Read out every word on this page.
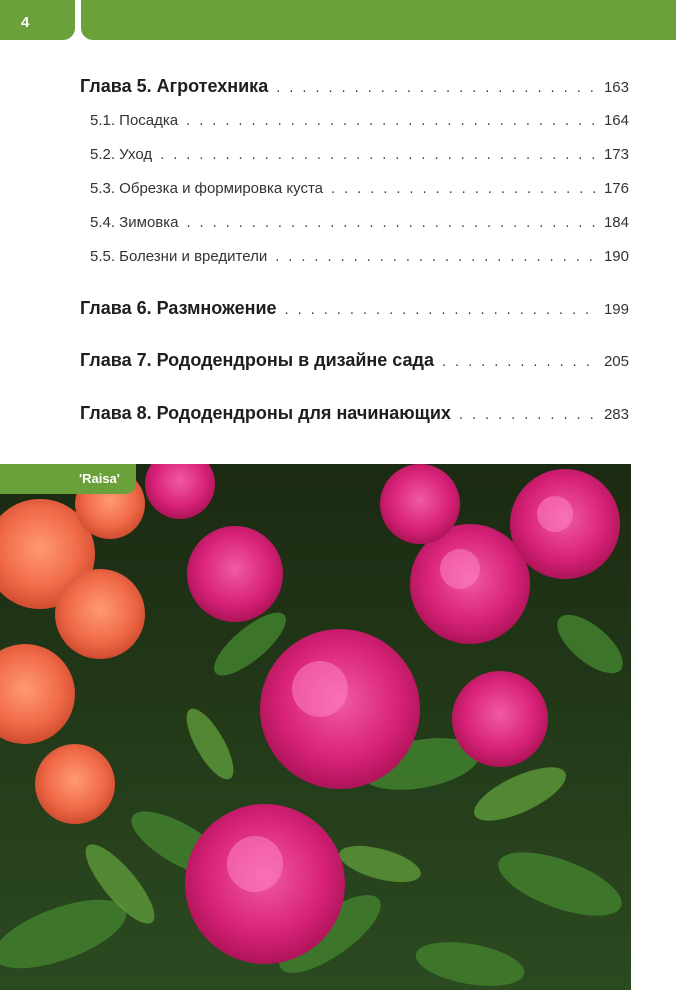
4
Глава 5. Агротехника . . .	163
5.1. Посадка . . .	164
5.2. Уход . . .	173
5.3. Обрезка и формировка куста . . .	176
5.4. Зимовка . . .	184
5.5. Болезни и вредители . . .	190
Глава 6. Размножение . . .	199
Глава 7. Рододендроны в дизайне сада . . .	205
Глава 8. Рододендроны для начинающих . . .	283
'Raisa'
